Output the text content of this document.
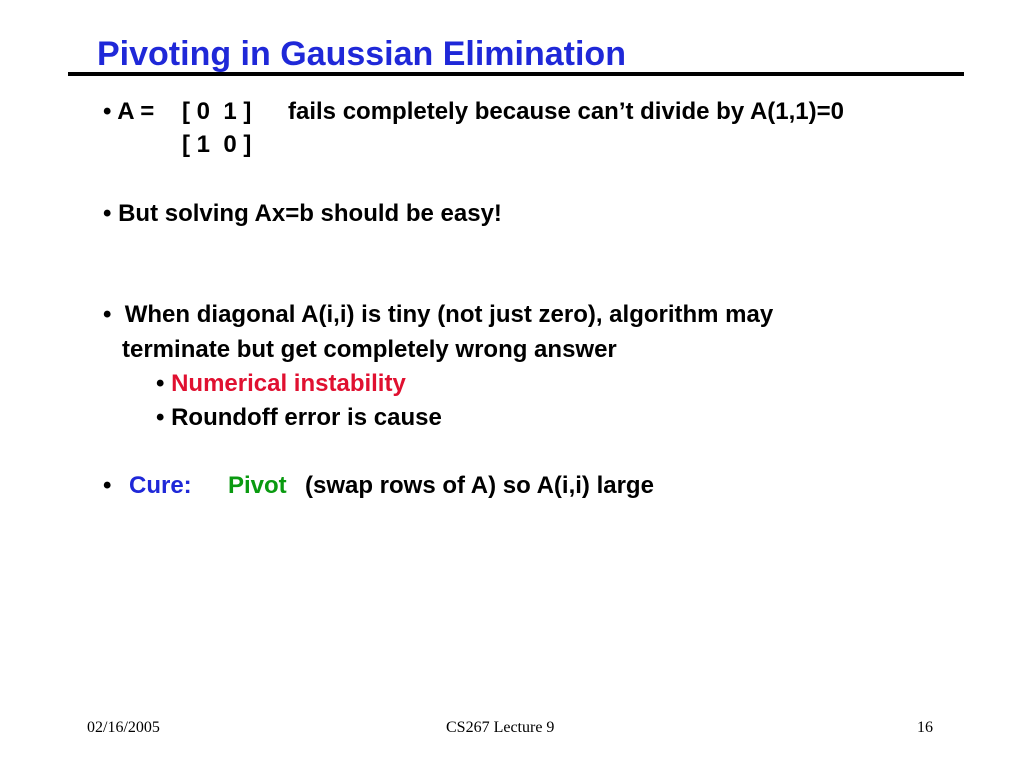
Pivoting in Gaussian Elimination
• A = [ 0  1 ] fails completely because can’t divide by A(1,1)=0
[ 1  0 ]
• But solving Ax=b should be easy!
•  When diagonal A(i,i) is tiny (not just zero), algorithm may
terminate but get completely wrong answer
• Numerical instability
• Roundoff error is cause
• Cure: Pivot (swap rows of A) so A(i,i) large
02/16/2005	CS267 Lecture 9	16
